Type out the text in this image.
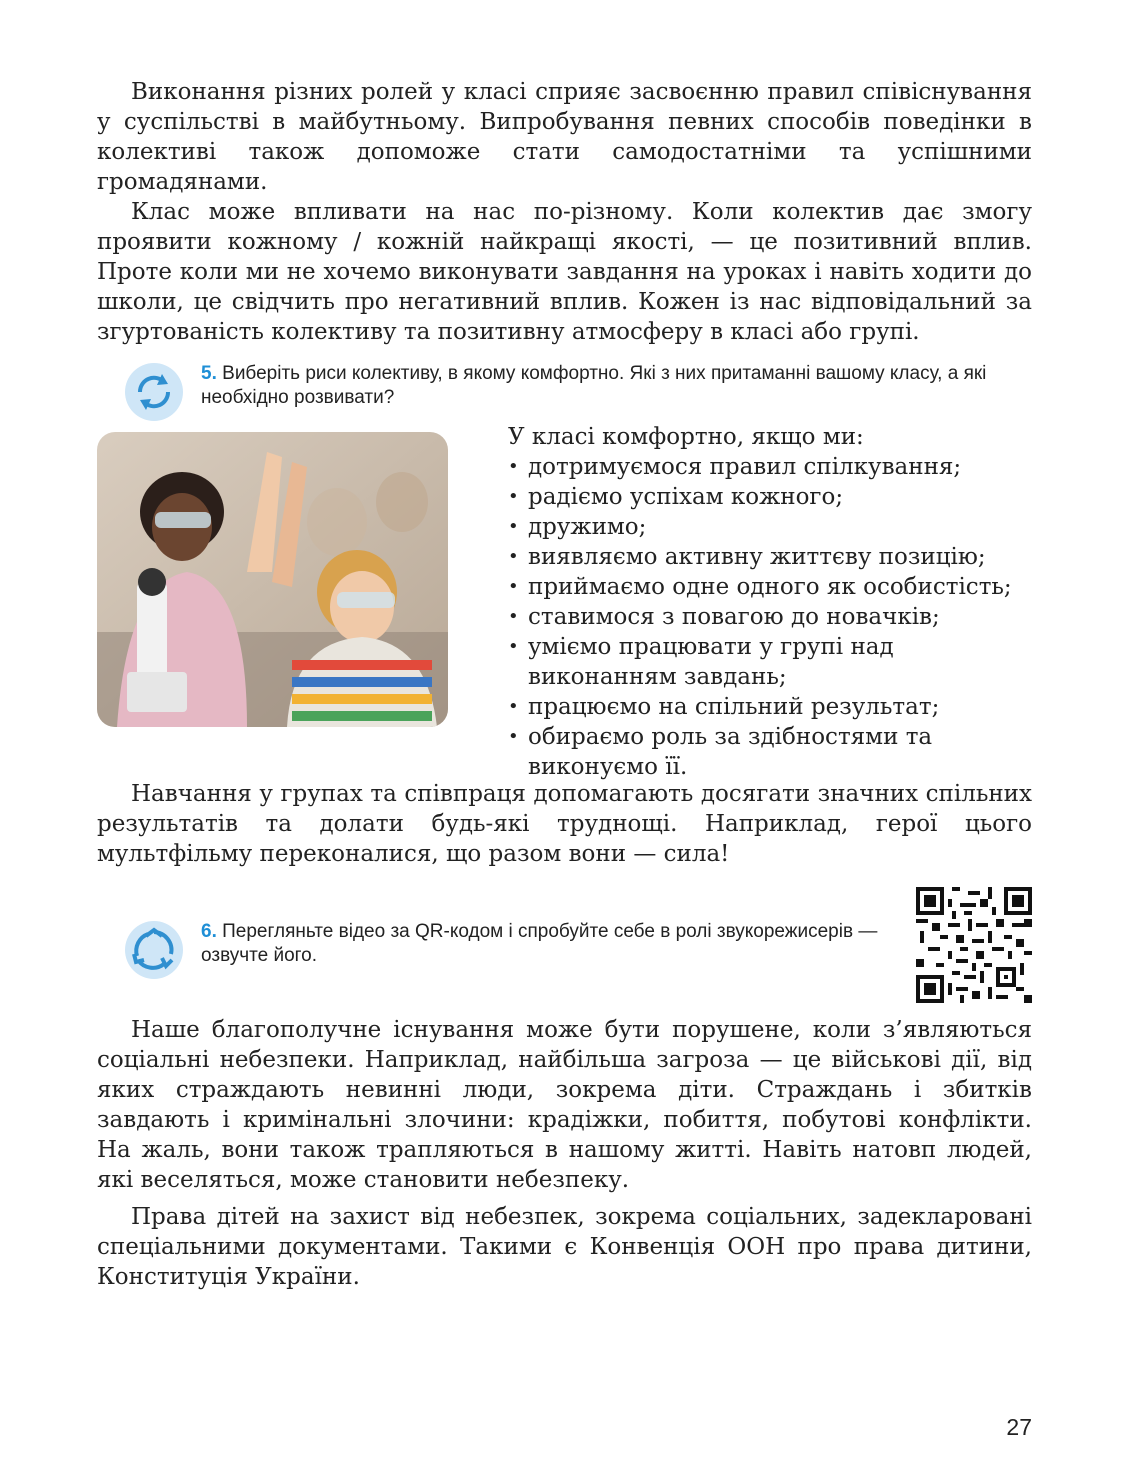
Виконання різних ролей у класі сприяє засвоєнню правил співіснування у суспільстві в майбутньому. Випробування певних способів поведінки в колективі також допоможе стати самодостатніми та успішними громадянами.

Клас може впливати на нас по-різному. Коли колектив дає змогу проявити кожному / кожній найкращі якості, — це позитивний вплив. Проте коли ми не хочемо виконувати завдання на уроках і навіть ходити до школи, це свідчить про негативний вплив. Кожен із нас відповідальний за згуртованість колективу та позитивну атмосферу в класі або групі.

5. Виберіть риси колективу, в якому комфортно. Які з них притаманні вашому класу, а які необхідно розвивати?
У класі комфортно, якщо ми:
• дотримуємося правил спілкування;
• радіємо успіхам кожного;
• дружимо;
• виявляємо активну життєву позицію;
• приймаємо одне одного як особистість;
• ставимося з повагою до новачків;
• уміємо працювати у групі над виконанням завдань;
• працюємо на спільний результат;
• обираємо роль за здібностями та виконуємо її.

Навчання у групах та співпраця допомагають досягати значних спільних результатів та долати будь-які труднощі. Наприклад, герої цього мультфільму переконалися, що разом вони — сила!

6. Перегляньте відео за QR-кодом і спробуйте себе в ролі звукорежисерів — озвучте його.

Наше благополучне існування може бути порушене, коли з’являються соціальні небезпеки. Наприклад, найбільша загроза — це військові дії, від яких страждають невинні люди, зокрема діти. Страждань і збитків завдають і кримінальні злочини: крадіжки, побиття, побутові конфлікти. На жаль, вони також трапляються в нашому житті. Навіть натовп людей, які веселяться, може становити небезпеку.

Права дітей на захист від небезпек, зокрема соціальних, задекларовані спеціальними документами. Такими є Конвенція ООН про права дитини, Конституція України.

27
